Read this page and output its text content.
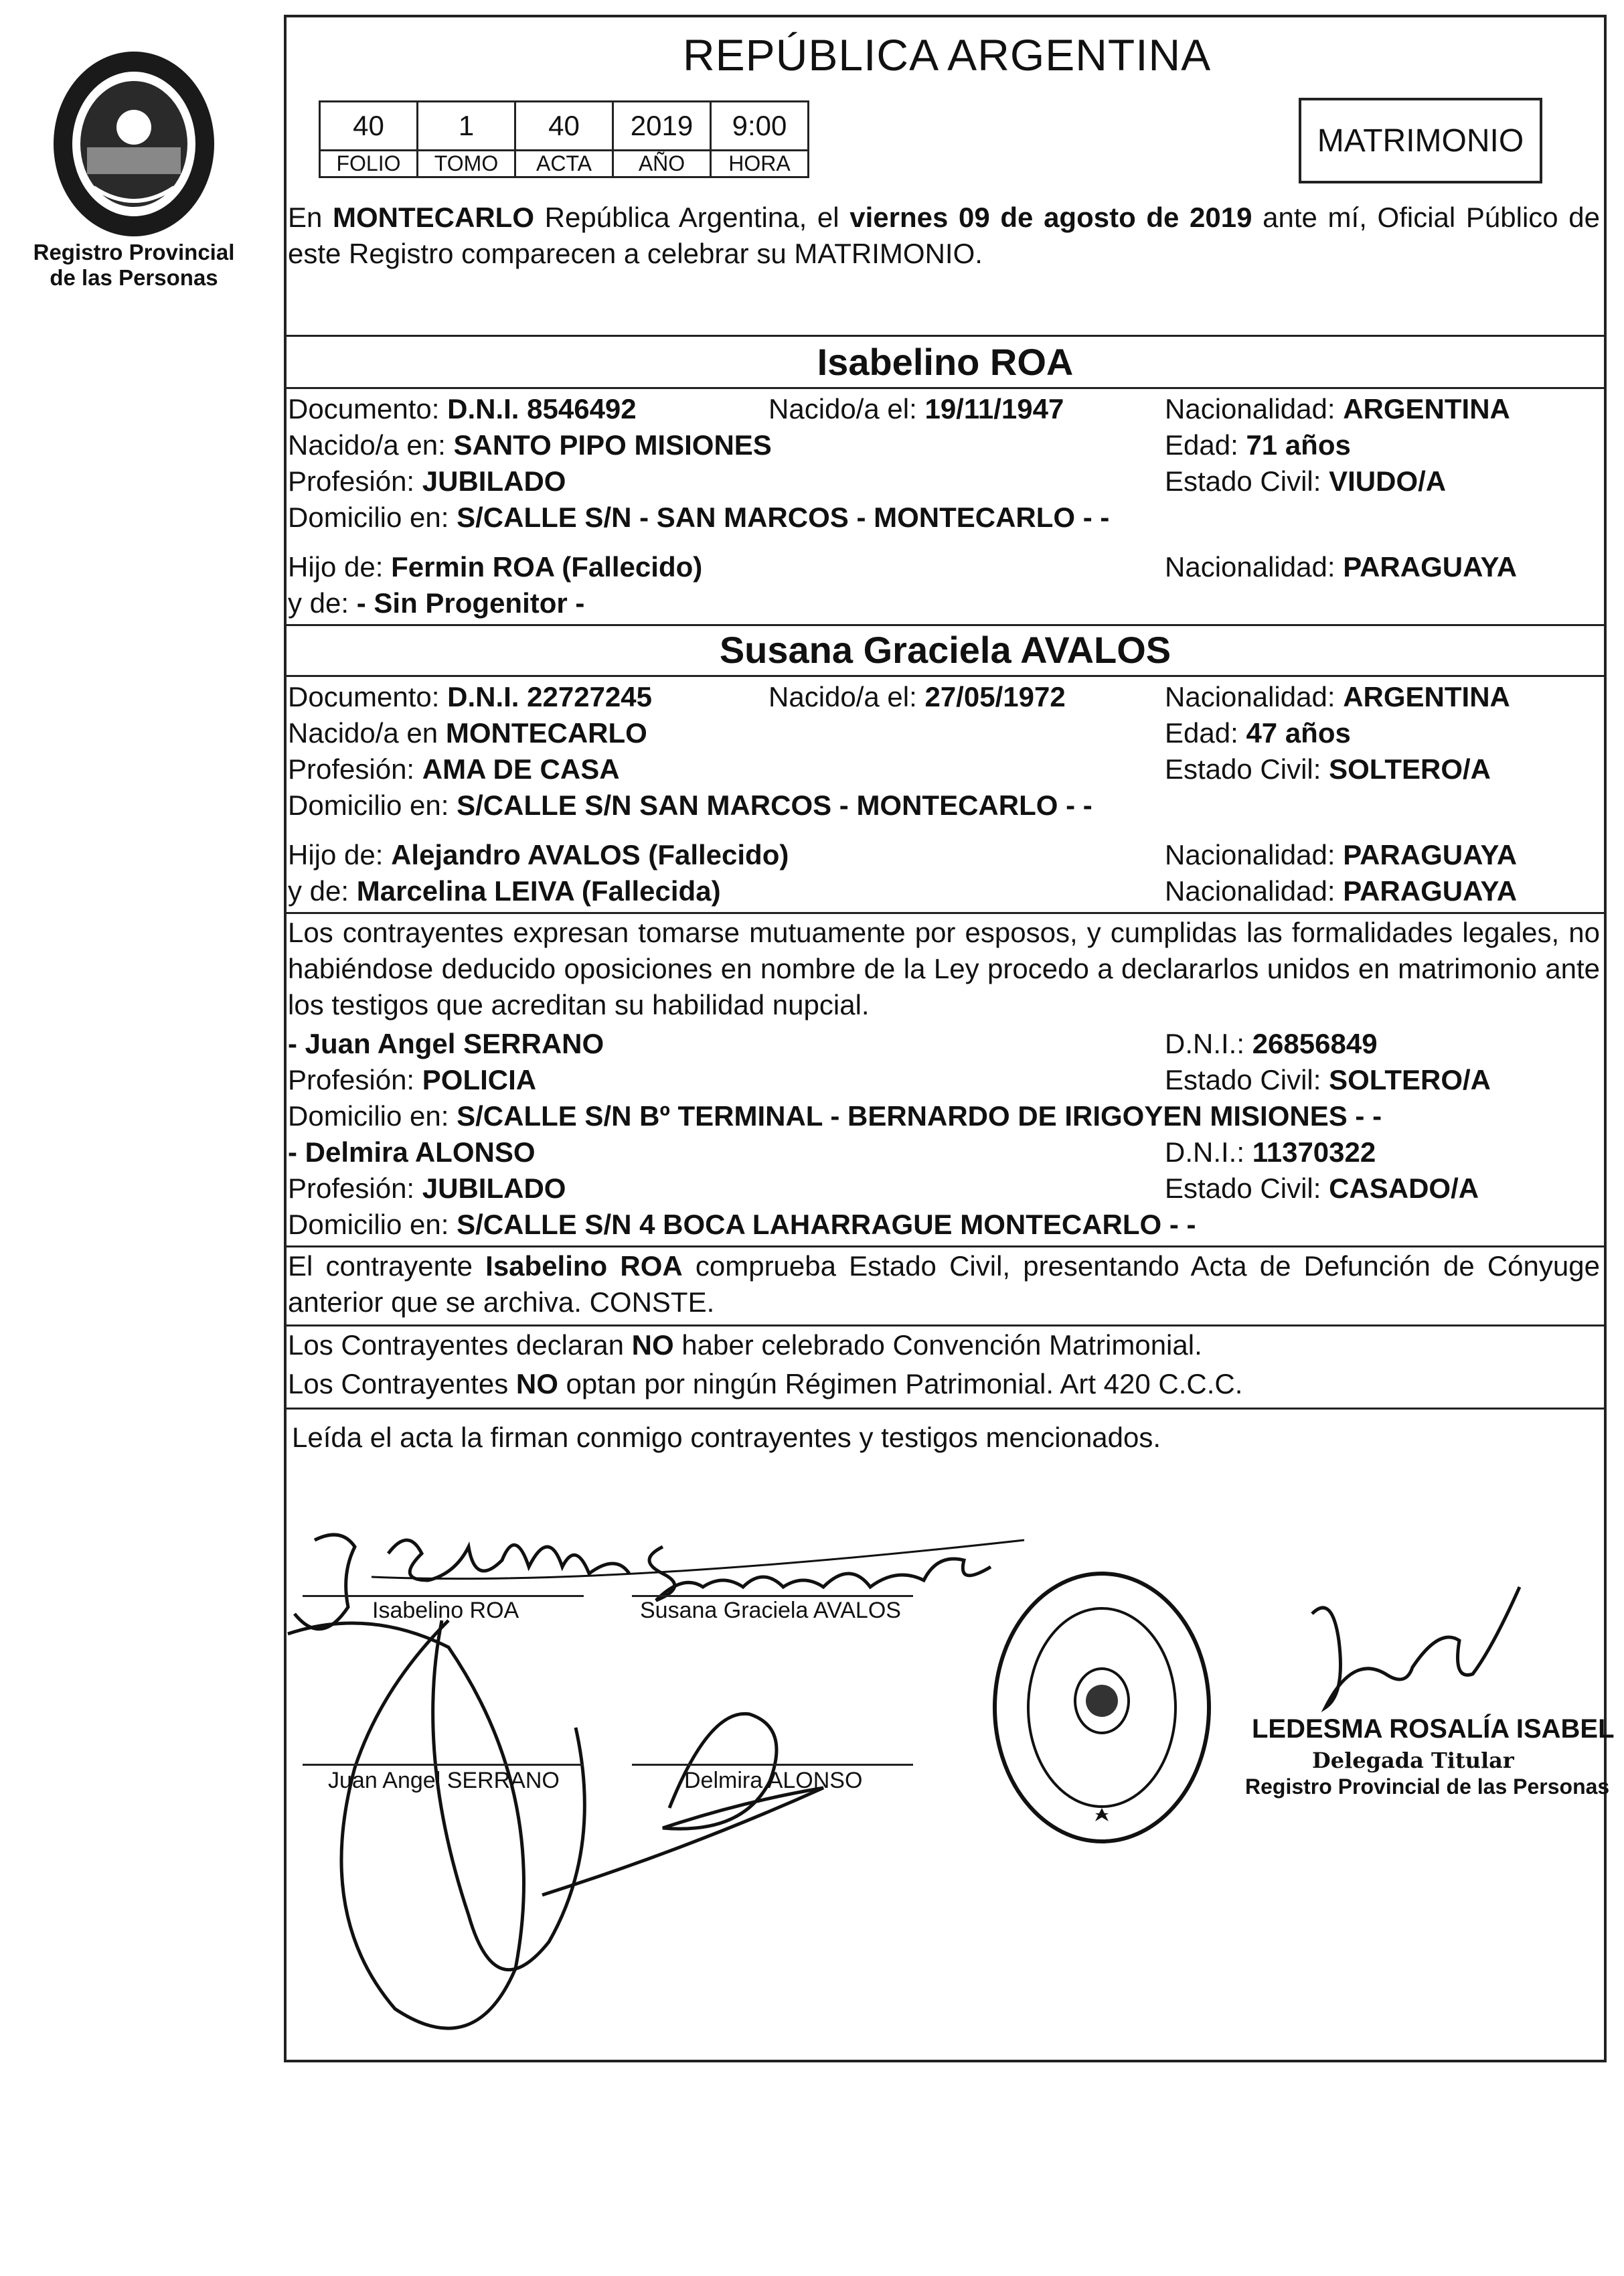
Registro Provincial
de las Personas
REPÚBLICA ARGENTINA
40	1	40	2019	9:00
FOLIO	TOMO	ACTA	AÑO	HORA
MATRIMONIO
En MONTECARLO República Argentina, el viernes 09 de agosto de 2019 ante mí, Oficial Público de este Registro comparecen a celebrar su MATRIMONIO.
Isabelino ROA
Documento: D.N.I. 8546492	Nacido/a el: 19/11/1947	Nacionalidad: ARGENTINA
Nacido/a en: SANTO PIPO MISIONES	Edad: 71 años
Profesión: JUBILADO	Estado Civil: VIUDO/A
Domicilio en: S/CALLE S/N - SAN MARCOS - MONTECARLO - -
Hijo de: Fermin ROA (Fallecido)	Nacionalidad: PARAGUAYA
y de: - Sin Progenitor -
Susana Graciela AVALOS
Documento: D.N.I. 22727245	Nacido/a el: 27/05/1972	Nacionalidad: ARGENTINA
Nacido/a en MONTECARLO	Edad: 47 años
Profesión: AMA DE CASA	Estado Civil: SOLTERO/A
Domicilio en: S/CALLE S/N SAN MARCOS - MONTECARLO - -
Hijo de: Alejandro AVALOS (Fallecido)	Nacionalidad: PARAGUAYA
y de: Marcelina LEIVA (Fallecida)	Nacionalidad: PARAGUAYA
Los contrayentes expresan tomarse mutuamente por esposos, y cumplidas las formalidades legales, no habiéndose deducido oposiciones en nombre de la Ley procedo a declararlos unidos en matrimonio ante los testigos que acreditan su habilidad nupcial.
- Juan Angel SERRANO	D.N.I.: 26856849
Profesión: POLICIA	Estado Civil: SOLTERO/A
Domicilio en: S/CALLE S/N Bº TERMINAL - BERNARDO DE IRIGOYEN MISIONES - -
- Delmira ALONSO	D.N.I.: 11370322
Profesión: JUBILADO	Estado Civil: CASADO/A
Domicilio en: S/CALLE S/N 4 BOCA LAHARRAGUE MONTECARLO - -
El contrayente Isabelino ROA comprueba Estado Civil, presentando Acta de Defunción de Cónyuge anterior que se archiva. CONSTE.
Los Contrayentes declaran NO haber celebrado Convención Matrimonial.
Los Contrayentes NO optan por ningún Régimen Patrimonial. Art 420 C.C.C.
Leída el acta la firman conmigo contrayentes y testigos mencionados.
Isabelino ROA	Susana Graciela AVALOS
Juan Angel SERRANO	Delmira ALONSO
LEDESMA ROSALÍA ISABEL
Delegada Titular
Registro Provincial de las Personas
